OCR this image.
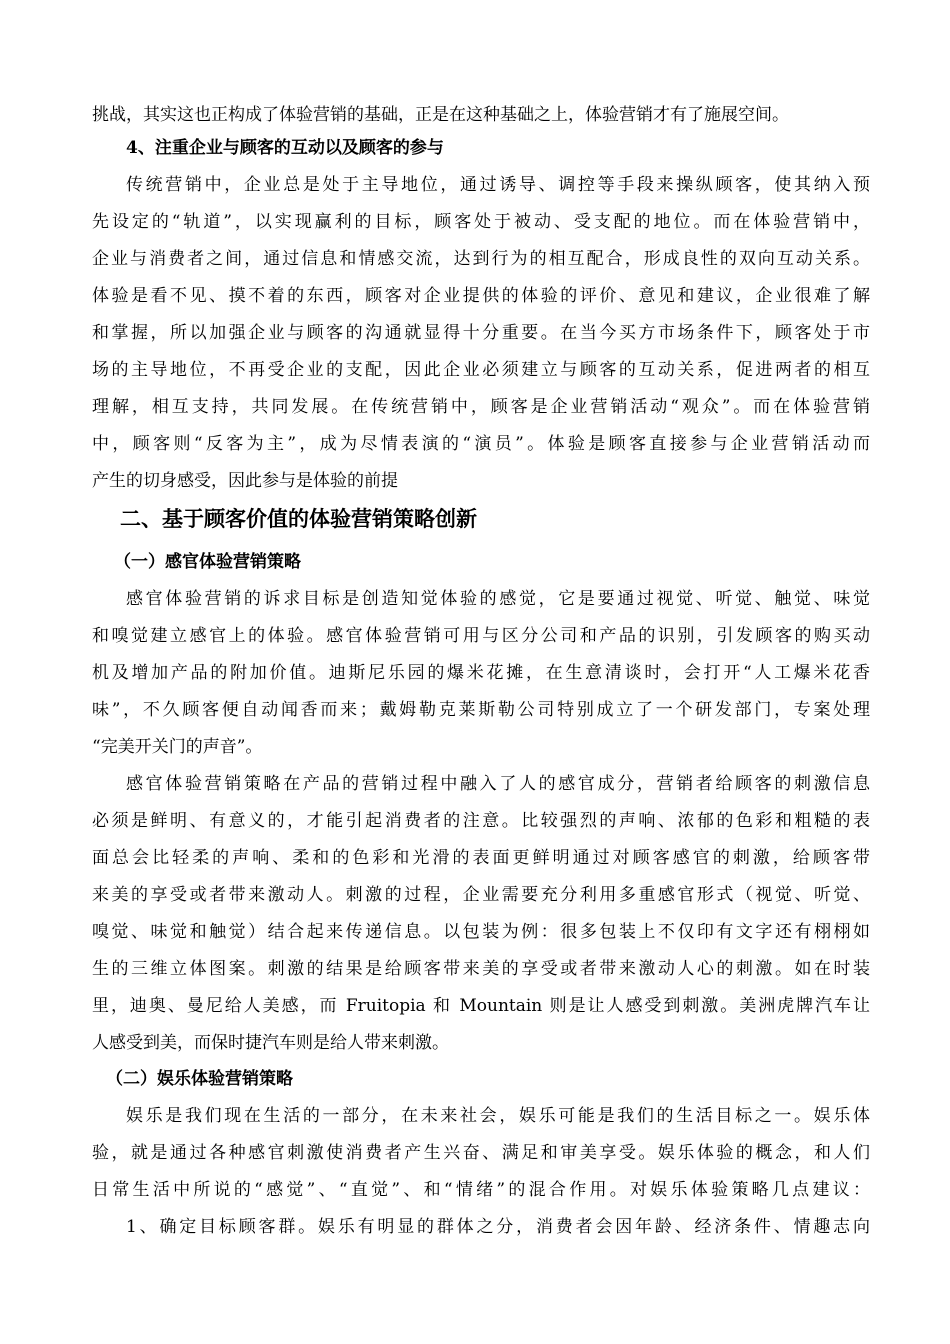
挑战，其实这也正构成了体验营销的基础，正是在这种基础之上，体验营销才有了施展空间。
4、注重企业与顾客的互动以及顾客的参与
传统营销中，企业总是处于主导地位，通过诱导、调控等手段来操纵顾客，使其纳入预
先设定的“轨道”，以实现赢利的目标，顾客处于被动、受支配的地位。而在体验营销中，
企业与消费者之间，通过信息和情感交流，达到行为的相互配合，形成良性的双向互动关系。
体验是看不见、摸不着的东西，顾客对企业提供的体验的评价、意见和建议，企业很难了解
和掌握，所以加强企业与顾客的沟通就显得十分重要。在当今买方市场条件下，顾客处于市
场的主导地位，不再受企业的支配，因此企业必须建立与顾客的互动关系，促进两者的相互
理解，相互支持，共同发展。在传统营销中，顾客是企业营销活动“观众”。而在体验营销
中，顾客则“反客为主”，成为尽情表演的“演员”。体验是顾客直接参与企业营销活动而
产生的切身感受，因此参与是体验的前提
二、基于顾客价值的体验营销策略创新
（一）感官体验营销策略
感官体验营销的诉求目标是创造知觉体验的感觉，它是要通过视觉、听觉、触觉、味觉
和嗅觉建立感官上的体验。感官体验营销可用与区分公司和产品的识别，引发顾客的购买动
机及增加产品的附加价值。迪斯尼乐园的爆米花摊，在生意清谈时，会打开“人工爆米花香
味”，不久顾客便自动闻香而来；戴姆勒克莱斯勒公司特别成立了一个研发部门，专案处理
“完美开关门的声音”。
感官体验营销策略在产品的营销过程中融入了人的感官成分，营销者给顾客的刺激信息
必须是鲜明、有意义的，才能引起消费者的注意。比较强烈的声响、浓郁的色彩和粗糙的表
面总会比轻柔的声响、柔和的色彩和光滑的表面更鲜明通过对顾客感官的刺激，给顾客带
来美的享受或者带来激动人。刺激的过程，企业需要充分利用多重感官形式（视觉、听觉、
嗅觉、味觉和触觉）结合起来传递信息。以包装为例：很多包装上不仅印有文字还有栩栩如
生的三维立体图案。刺激的结果是给顾客带来美的享受或者带来激动人心的刺激。如在时装
里，迪奥、曼尼给人美感，而 Fruitopia 和 Mountain 则是让人感受到刺激。美洲虎牌汽车让
人感受到美，而保时捷汽车则是给人带来刺激。
（二）娱乐体验营销策略
娱乐是我们现在生活的一部分，在未来社会，娱乐可能是我们的生活目标之一。娱乐体
验，就是通过各种感官刺激使消费者产生兴奋、满足和审美享受。娱乐体验的概念，和人们
日常生活中所说的“感觉”、“直觉”、和“情绪”的混合作用。对娱乐体验策略几点建议：
1、确定目标顾客群。娱乐有明显的群体之分，消费者会因年龄、经济条件、情趣志向
